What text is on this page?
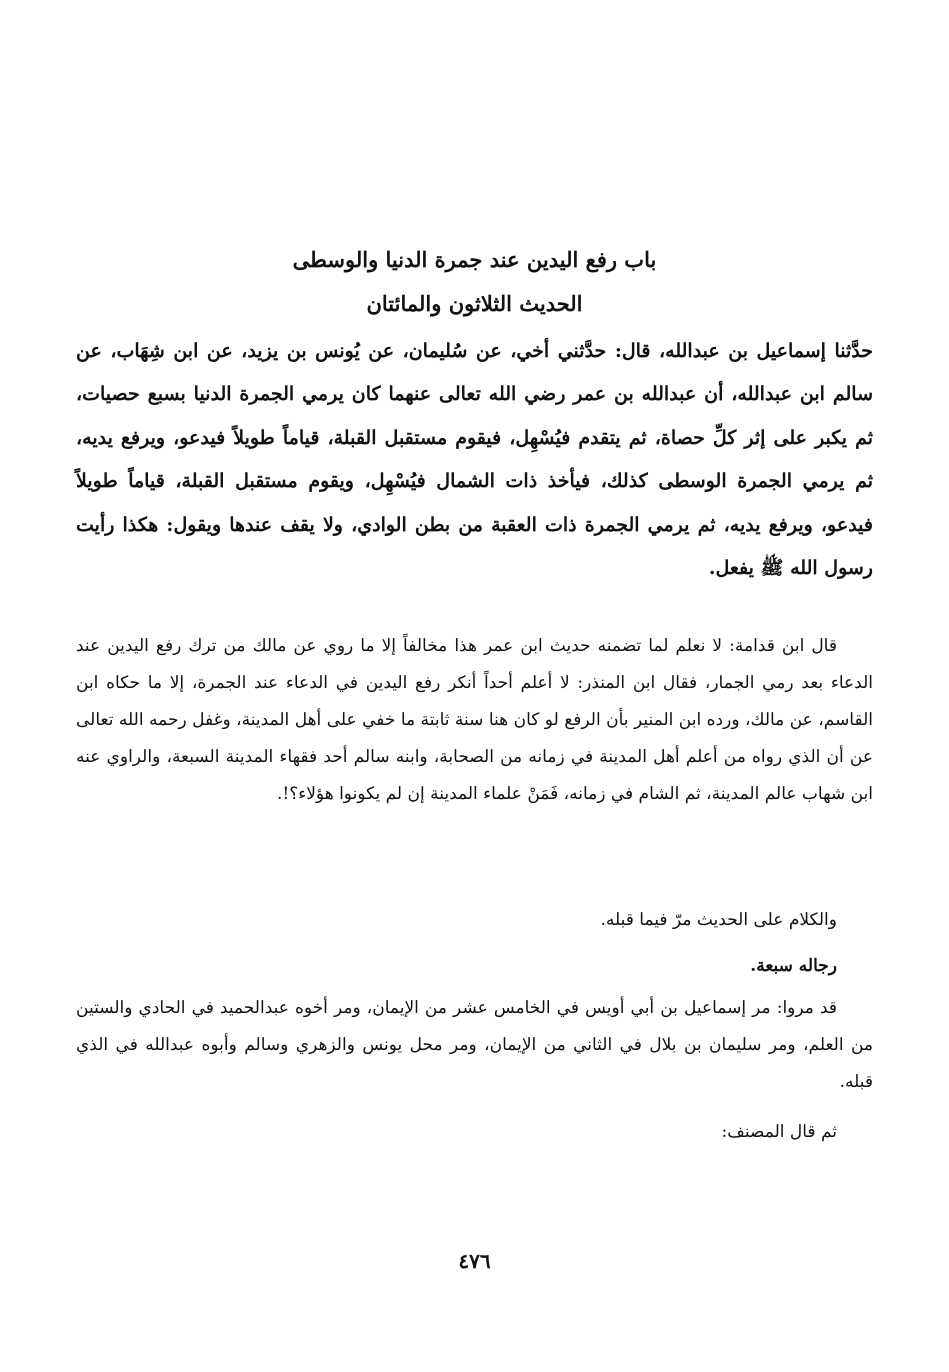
باب رفع اليدين عند جمرة الدنيا والوسطى

الحديث الثلاثون والمائتان

حدَّثنا إسماعيل بن عبدالله، قال: حدَّثني أخي، عن سُليمان، عن يُونس بن يزيد، عن ابن شِهَاب، عن سالم ابن عبدالله، أن عبدالله بن عمر رضي الله تعالى عنهما كان يرمي الجمرة الدنيا بسبع حصيات، ثم يكبر على إثر كلِّ حصاة، ثم يتقدم فيُسْهِل، فيقوم مستقبل القبلة، قياماً طويلاً فيدعو، ويرفع يديه، ثم يرمي الجمرة الوسطى كذلك، فيأخذ ذات الشمال فيُسْهِل، ويقوم مستقبل القبلة، قياماً طويلاً فيدعو، ويرفع يديه، ثم يرمي الجمرة ذات العقبة من بطن الوادي، ولا يقف عندها ويقول: هكذا رأيت رسول الله ﷺ يفعل.

قال ابن قدامة: لا نعلم لما تضمنه حديث ابن عمر هذا مخالفاً إلا ما روي عن مالك من ترك رفع اليدين عند الدعاء بعد رمي الجمار، فقال ابن المنذر: لا أعلم أحداً أنكر رفع اليدين في الدعاء عند الجمرة، إلا ما حكاه ابن القاسم، عن مالك، ورده ابن المنير بأن الرفع لو كان هنا سنة ثابتة ما خفي على أهل المدينة، وغفل رحمه الله تعالى عن أن الذي رواه من أعلم أهل المدينة في زمانه من الصحابة، وابنه سالم أحد فقهاء المدينة السبعة، والراوي عنه ابن شهاب عالم المدينة، ثم الشام في زمانه، فَمَنْ علماء المدينة إن لم يكونوا هؤلاء؟!.

والكلام على الحديث مرّ فيما قبله.

رجاله سبعة.

قد مروا: مر إسماعيل بن أبي أويس في الخامس عشر من الإيمان، ومر أخوه عبدالحميد في الحادي والستين من العلم، ومر سليمان بن بلال في الثاني من الإيمان، ومر محل يونس والزهري وسالم وأبوه عبدالله في الذي قبله.

ثم قال المصنف:

٤٧٦
